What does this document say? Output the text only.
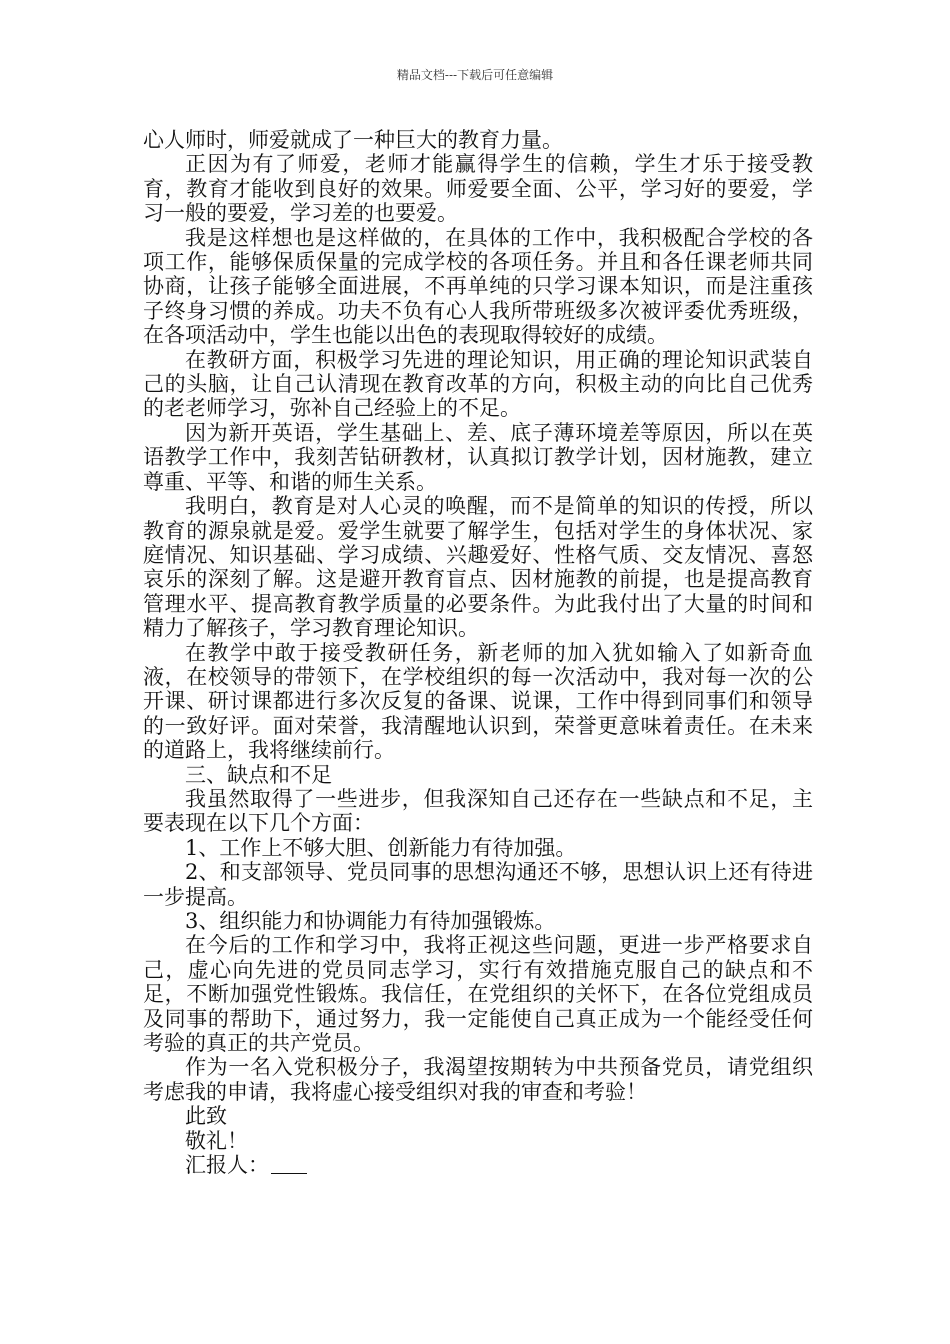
精品文档---下载后可任意编辑

心人师时，师爱就成了一种巨大的教育力量。

正因为有了师爱，老师才能赢得学生的信赖，学生才乐于接受教育，教育才能收到良好的效果。师爱要全面、公平，学习好的要爱，学习一般的要爱，学习差的也要爱。

我是这样想也是这样做的，在具体的工作中，我积极配合学校的各项工作，能够保质保量的完成学校的各项任务。并且和各任课老师共同协商，让孩子能够全面进展，不再单纯的只学习课本知识，而是注重孩子终身习惯的养成。功夫不负有心人我所带班级多次被评委优秀班级，在各项活动中，学生也能以出色的表现取得较好的成绩。

在教研方面，积极学习先进的理论知识，用正确的理论知识武装自己的头脑，让自己认清现在教育改革的方向，积极主动的向比自己优秀的老老师学习，弥补自己经验上的不足。

因为新开英语，学生基础上、差、底子薄环境差等原因，所以在英语教学工作中，我刻苦钻研教材，认真拟订教学计划，因材施教，建立尊重、平等、和谐的师生关系。

我明白，教育是对人心灵的唤醒，而不是简单的知识的传授，所以教育的源泉就是爱。爱学生就要了解学生，包括对学生的身体状况、家庭情况、知识基础、学习成绩、兴趣爱好、性格气质、交友情况、喜怒哀乐的深刻了解。这是避开教育盲点、因材施教的前提，也是提高教育管理水平、提高教育教学质量的必要条件。为此我付出了大量的时间和精力了解孩子，学习教育理论知识。

在教学中敢于接受教研任务，新老师的加入犹如输入了如新奇血液，在校领导的带领下，在学校组织的每一次活动中，我对每一次的公开课、研讨课都进行多次反复的备课、说课，工作中得到同事们和领导的一致好评。面对荣誉，我清醒地认识到，荣誉更意味着责任。在未来的道路上，我将继续前行。

三、缺点和不足

我虽然取得了一些进步，但我深知自己还存在一些缺点和不足，主要表现在以下几个方面：

1、工作上不够大胆、创新能力有待加强。

2、和支部领导、党员同事的思想沟通还不够，思想认识上还有待进一步提高。

3、组织能力和协调能力有待加强锻炼。

在今后的工作和学习中，我将正视这些问题，更进一步严格要求自己，虚心向先进的党员同志学习，实行有效措施克服自己的缺点和不足，不断加强党性锻炼。我信任，在党组织的关怀下，在各位党组成员及同事的帮助下，通过努力，我一定能使自己真正成为一个能经受任何考验的真正的共产党员。

作为一名入党积极分子，我渴望按期转为中共预备党员，请党组织考虑我的申请，我将虚心接受组织对我的审查和考验！

此致

敬礼！

汇报人：
